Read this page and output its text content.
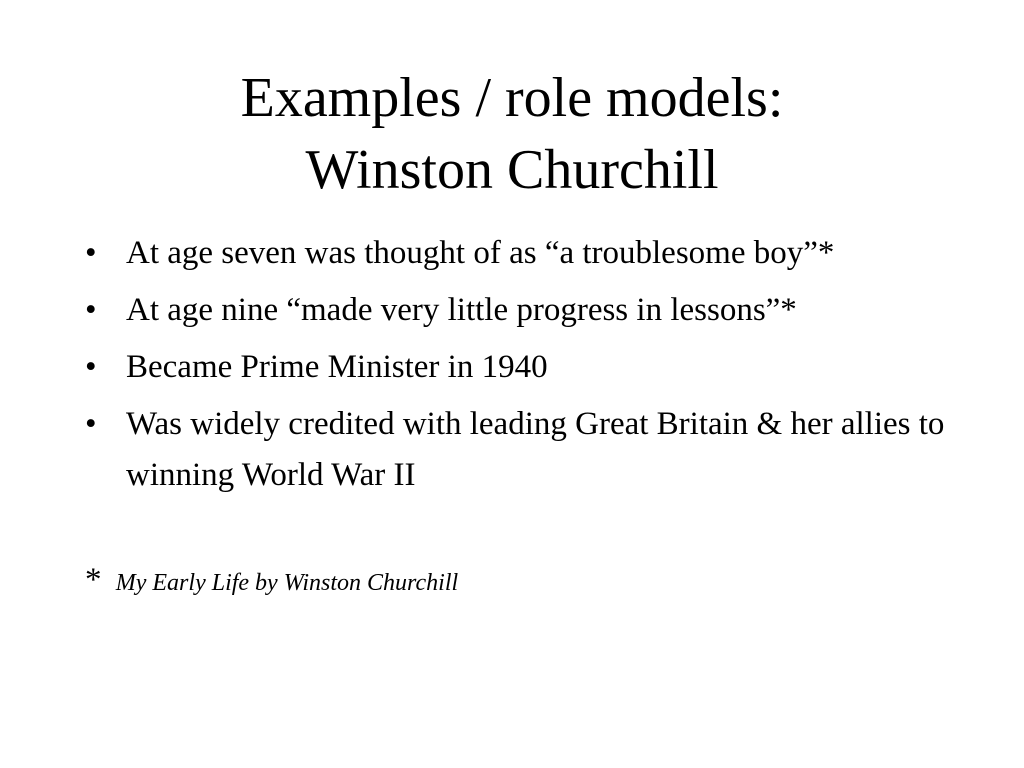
Examples / role models:
Winston Churchill
• At age seven was thought of as “a troublesome boy”*
• At age nine “made very little progress in lessons”*
• Became Prime Minister in 1940
• Was widely credited with leading Great Britain & her allies to winning World War II
* My Early Life by Winston Churchill
